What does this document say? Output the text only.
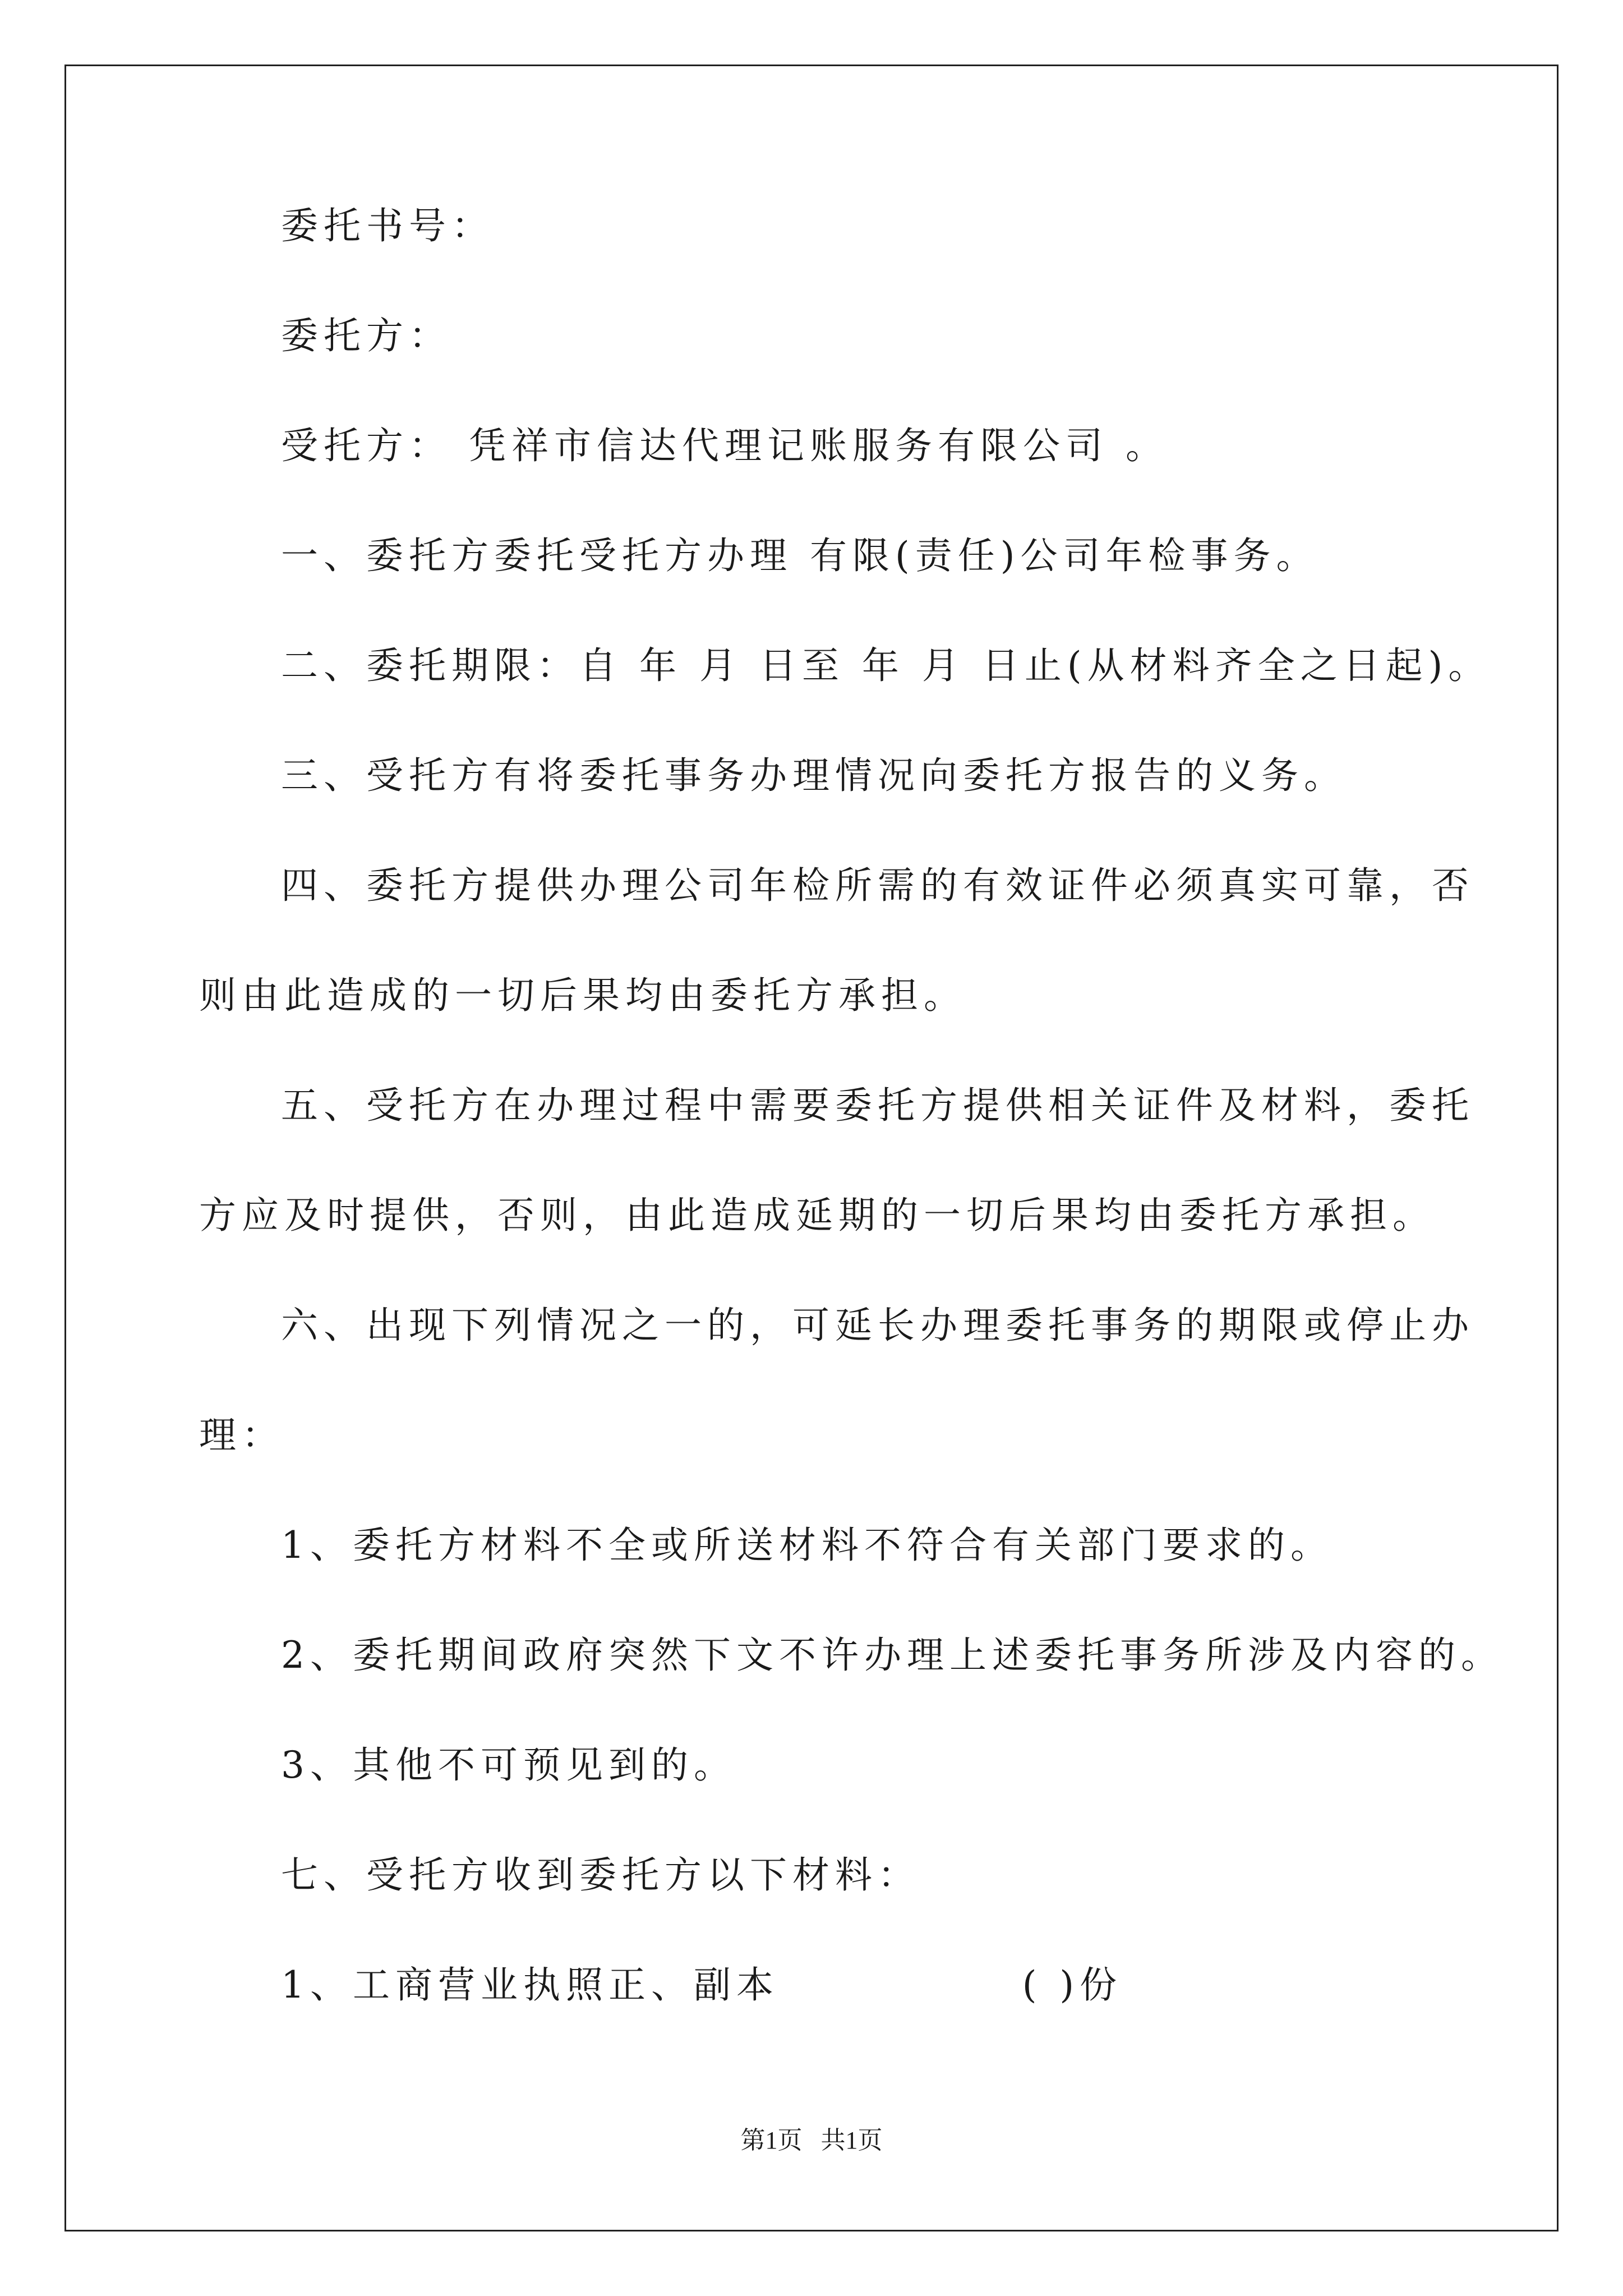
委托书号：
委托方：
受托方： 凭祥市信达代理记账服务有限公司 。
一、委托方委托受托方办理 有限(责任)公司年检事务。
二、委托期限：自 年 月 日至 年 月 日止(从材料齐全之日起)。
三、受托方有将委托事务办理情况向委托方报告的义务。
四、委托方提供办理公司年检所需的有效证件必须真实可靠，否
则由此造成的一切后果均由委托方承担。
五、受托方在办理过程中需要委托方提供相关证件及材料，委托
方应及时提供，否则，由此造成延期的一切后果均由委托方承担。
六、出现下列情况之一的，可延长办理委托事务的期限或停止办
理：
1、委托方材料不全或所送材料不符合有关部门要求的。
2、委托期间政府突然下文不许办理上述委托事务所涉及内容的。
3、其他不可预见到的。
七、受托方收到委托方以下材料：
1、工商营业执照正、副本              ( )份
第1页   共1页
